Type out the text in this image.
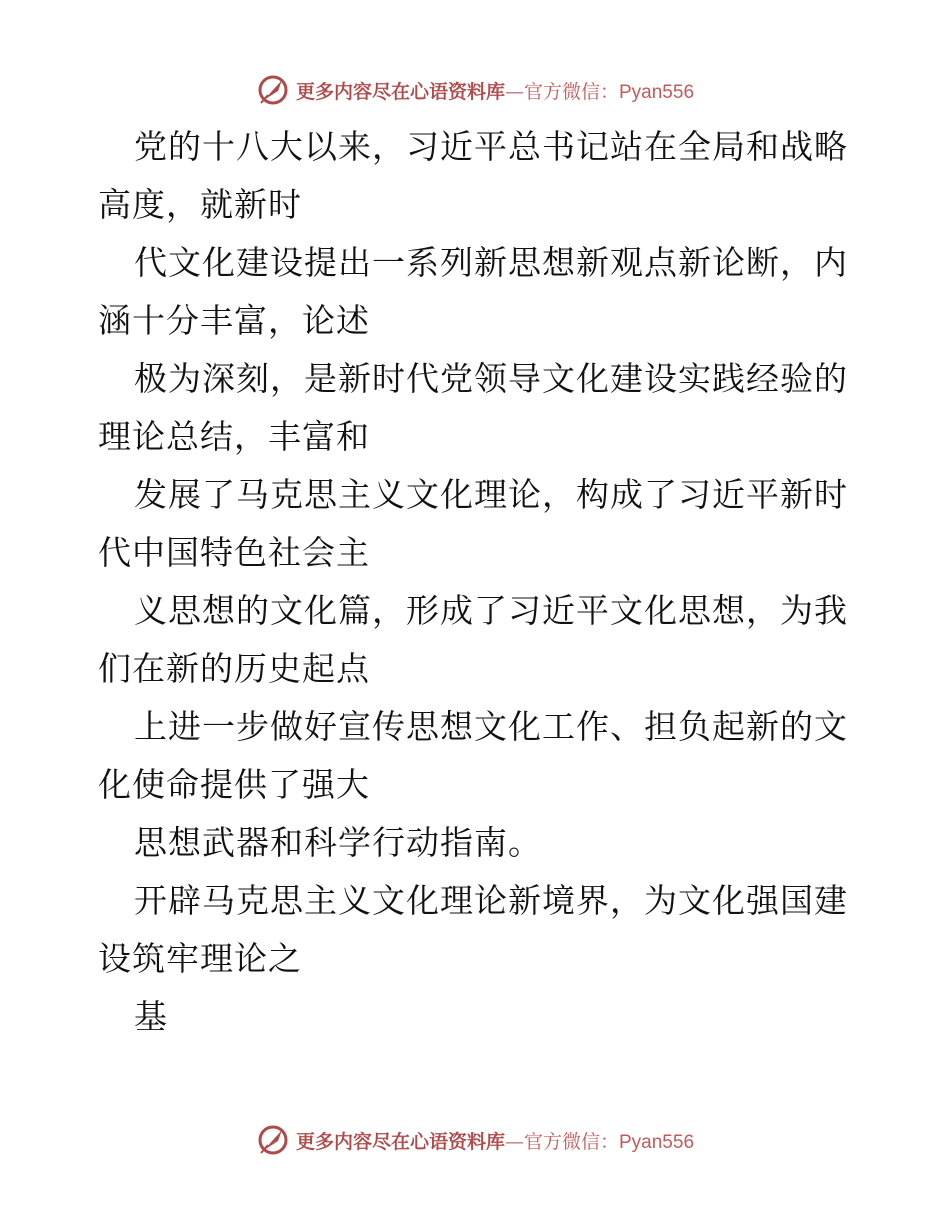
更多内容尽在心语资料库—官方微信：Pyan556
党的十八大以来，习近平总书记站在全局和战略
高度，就新时
代文化建设提出一系列新思想新观点新论断，内
涵十分丰富，论述
极为深刻，是新时代党领导文化建设实践经验的
理论总结，丰富和
发展了马克思主义文化理论，构成了习近平新时
代中国特色社会主
义思想的文化篇，形成了习近平文化思想，为我
们在新的历史起点
上进一步做好宣传思想文化工作、担负起新的文
化使命提供了强大
思想武器和科学行动指南。
开辟马克思主义文化理论新境界，为文化强国建
设筑牢理论之
基
更多内容尽在心语资料库—官方微信：Pyan556
